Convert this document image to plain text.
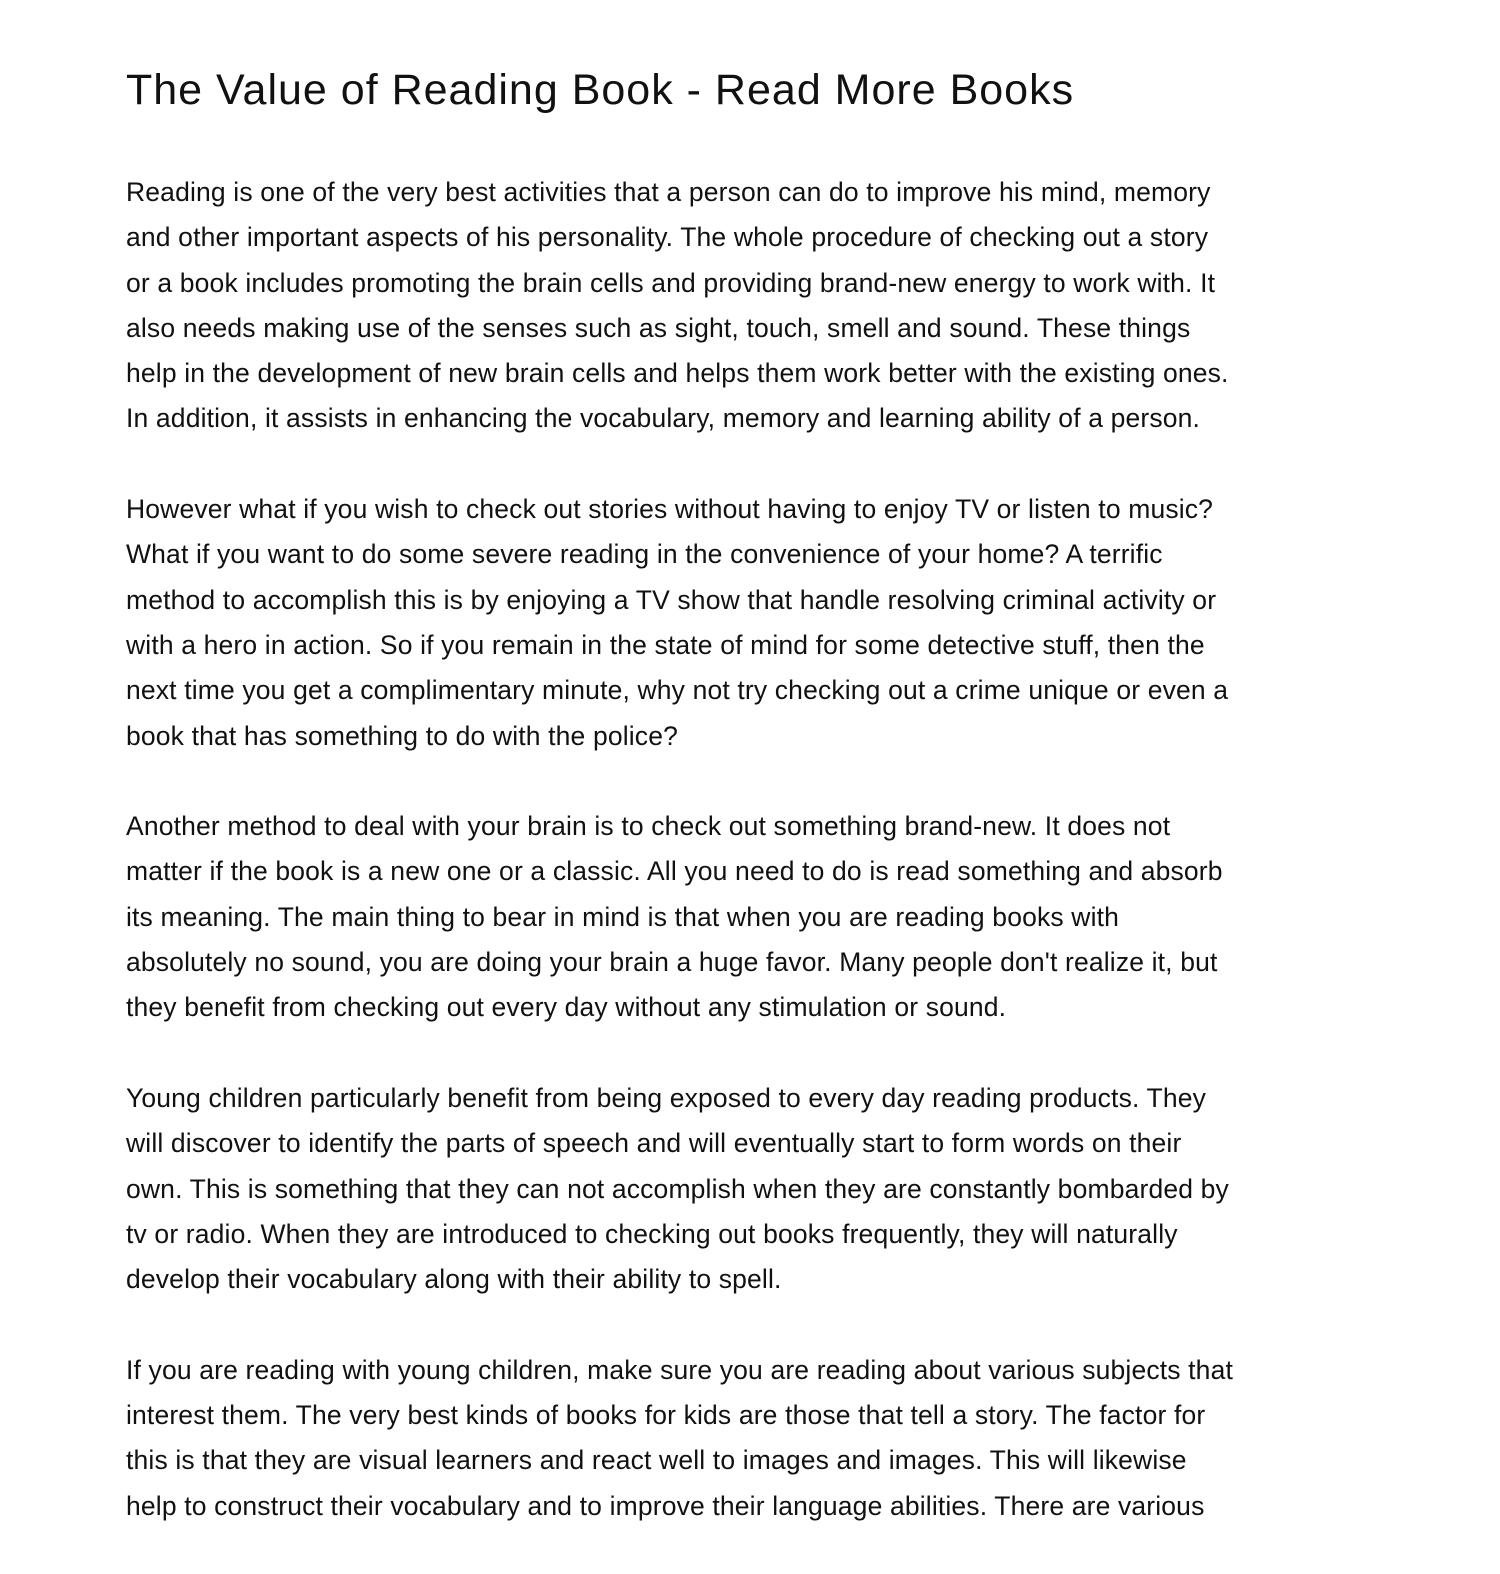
The Value of Reading Book - Read More Books

Reading is one of the very best activities that a person can do to improve his mind, memory
and other important aspects of his personality. The whole procedure of checking out a story
or a book includes promoting the brain cells and providing brand-new energy to work with. It
also needs making use of the senses such as sight, touch, smell and sound. These things
help in the development of new brain cells and helps them work better with the existing ones.
In addition, it assists in enhancing the vocabulary, memory and learning ability of a person.

However what if you wish to check out stories without having to enjoy TV or listen to music?
What if you want to do some severe reading in the convenience of your home? A terrific
method to accomplish this is by enjoying a TV show that handle resolving criminal activity or
with a hero in action. So if you remain in the state of mind for some detective stuff, then the
next time you get a complimentary minute, why not try checking out a crime unique or even a
book that has something to do with the police?

Another method to deal with your brain is to check out something brand-new. It does not
matter if the book is a new one or a classic. All you need to do is read something and absorb
its meaning. The main thing to bear in mind is that when you are reading books with
absolutely no sound, you are doing your brain a huge favor. Many people don't realize it, but
they benefit from checking out every day without any stimulation or sound.

Young children particularly benefit from being exposed to every day reading products. They
will discover to identify the parts of speech and will eventually start to form words on their
own. This is something that they can not accomplish when they are constantly bombarded by
tv or radio. When they are introduced to checking out books frequently, they will naturally
develop their vocabulary along with their ability to spell.

If you are reading with young children, make sure you are reading about various subjects that
interest them. The very best kinds of books for kids are those that tell a story. The factor for
this is that they are visual learners and react well to images and images. This will likewise
help to construct their vocabulary and to improve their language abilities. There are various
